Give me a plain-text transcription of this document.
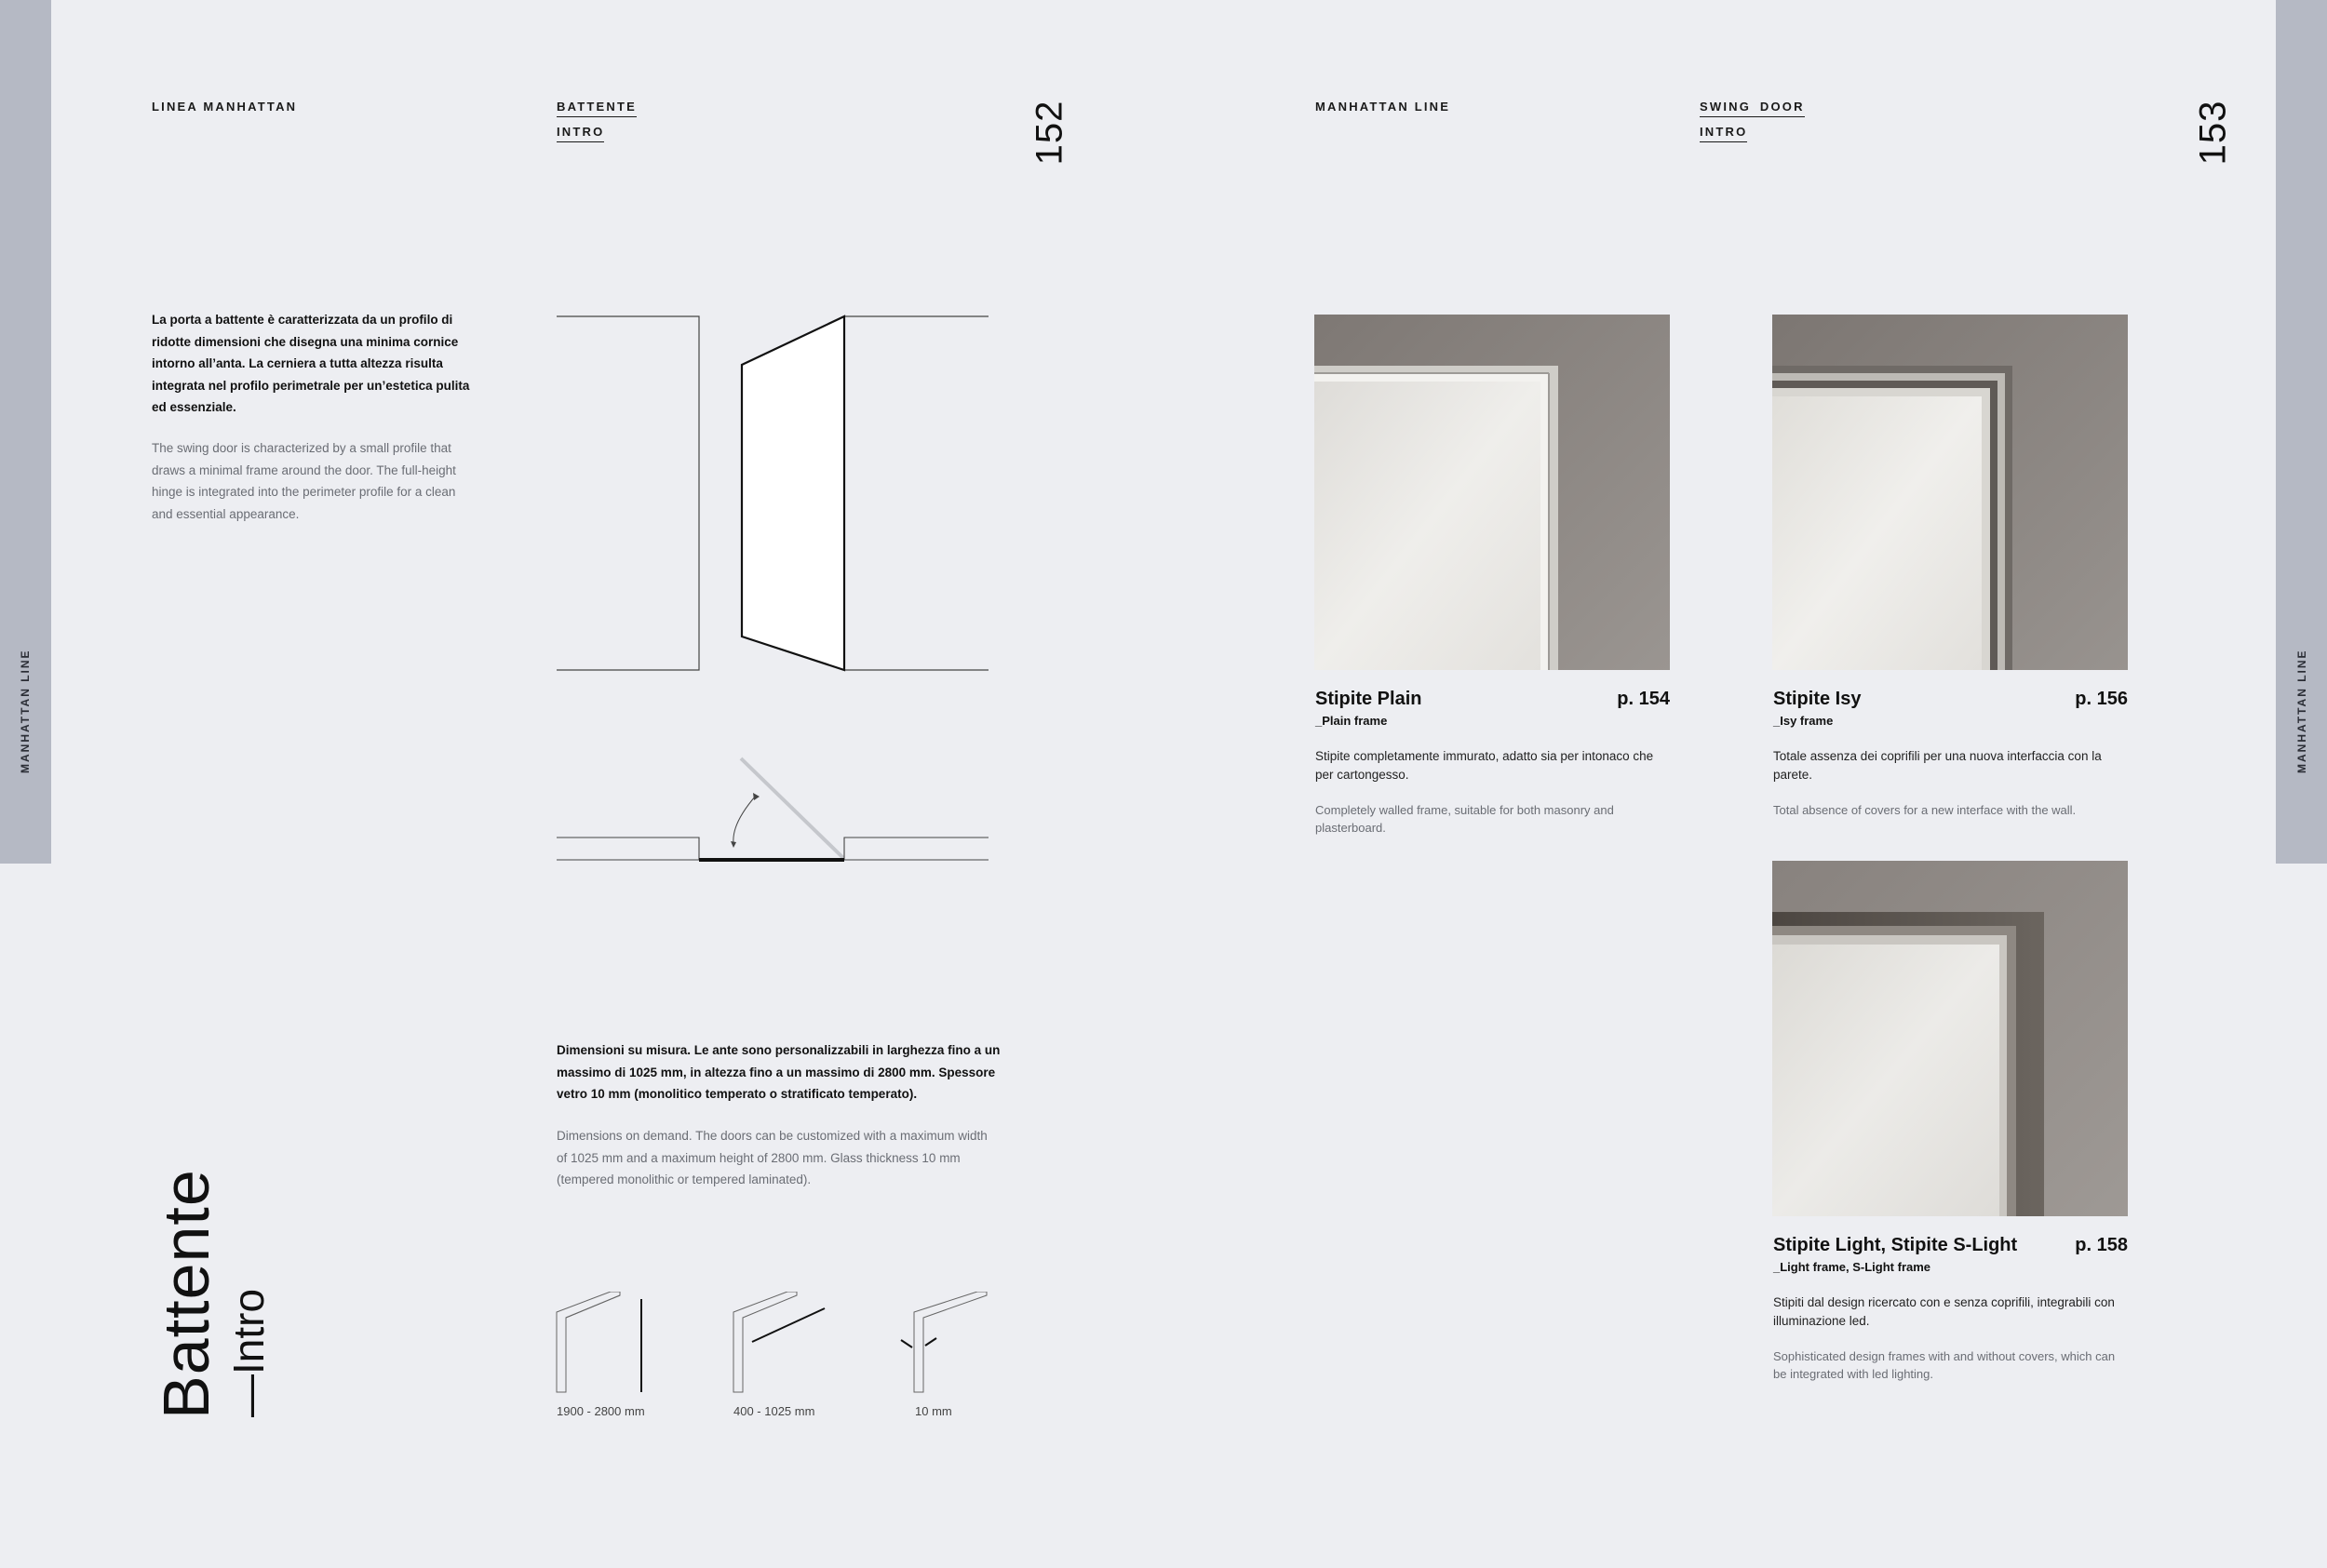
MANHATTAN LINE
LINEA MANHATTAN	BATTENTE
INTRO	152
La porta a battente è caratterizzata da un profilo di ridotte dimensioni che disegna una minima cornice intorno all’anta. La cerniera a tutta altezza risulta integrata nel profilo perimetrale per un’estetica pulita ed essenziale.
The swing door is characterized by a small profile that draws a minimal frame around the door. The full-height hinge is integrated into the perimeter profile for a clean and essential appearance.
Dimensioni su misura. Le ante sono personalizzabili in larghezza fino a un massimo di 1025 mm, in altezza fino a un massimo di 2800 mm. Spessore vetro 10 mm (monolitico temperato o stratificato temperato).
Dimensions on demand. The doors can be customized with a maximum width of 1025 mm and a maximum height of 2800 mm. Glass thickness 10 mm (tempered monolithic or tempered laminated).
1900 - 2800 mm	400 - 1025 mm	10 mm
Battente —Intro
MANHATTAN LINE
MANHATTAN LINE	SWING DOOR
INTRO	153
Stipite Plain	p. 154
_Plain frame
Stipite completamente immurato, adatto sia per intonaco che per cartongesso.
Completely walled frame, suitable for both masonry and plasterboard.
Stipite Isy	p. 156
_Isy frame
Totale assenza dei coprifili per una nuova interfaccia con la parete.
Total absence of covers for a new interface with the wall.
Stipite Light, Stipite S-Light	p. 158
_Light frame, S-Light frame
Stipiti dal design ricercato con e senza coprifili, integrabili con illuminazione led.
Sophisticated design frames with and without covers, which can be integrated with led lighting.
